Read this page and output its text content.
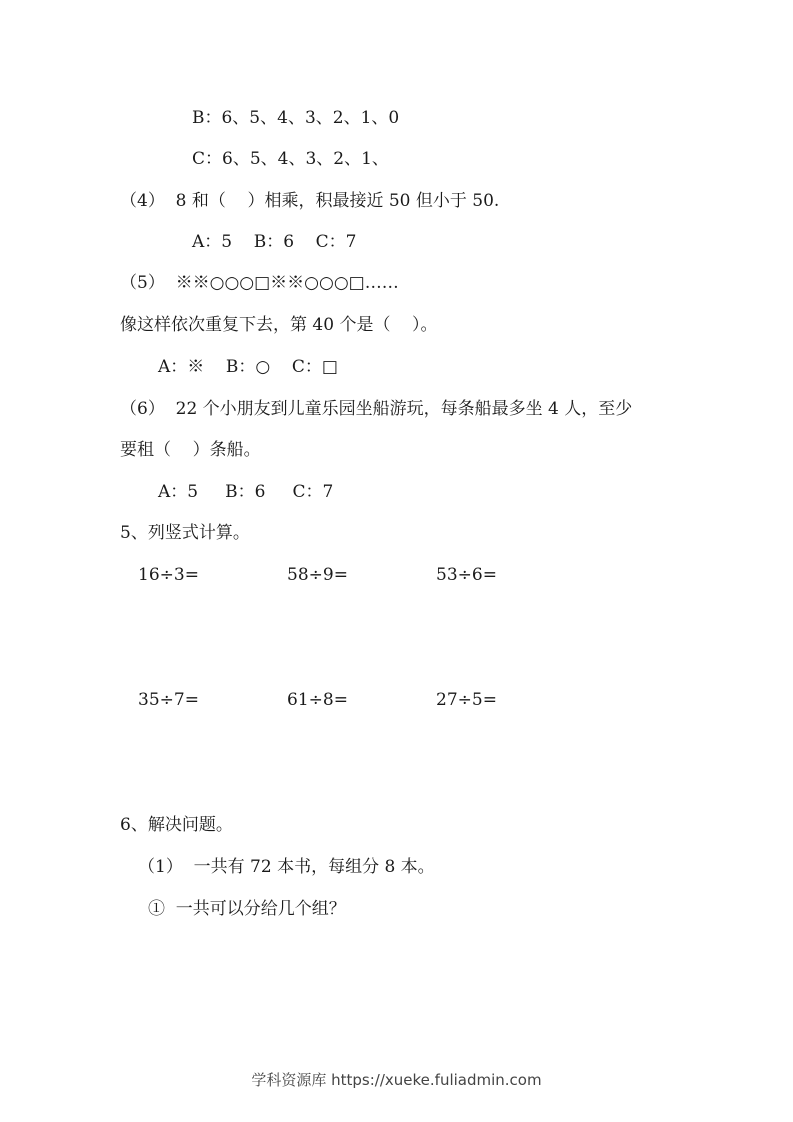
B：6、5、4、3、2、1、0
C：6、5、4、3、2、1、
（4）  8 和（    ）相乘，积最接近 50 但小于 50.
A：5    B：6    C：7
（5）  ※※○○○□※※○○○□……
像这样依次重复下去，第 40 个是（    ）。
A：※    B：○    C：□
（6）  22 个小朋友到儿童乐园坐船游玩，每条船最多坐 4 人，至少
要租（    ）条船。
A：5     B：6     C：7
5、列竖式计算。
16÷3=	58÷9=	53÷6=
35÷7=	61÷8=	27÷5=
6、解决问题。
（1）  一共有 72 本书，每组分 8 本。
①  一共可以分给几个组？
学科资源库 https://xueke.fuliadmin.com
